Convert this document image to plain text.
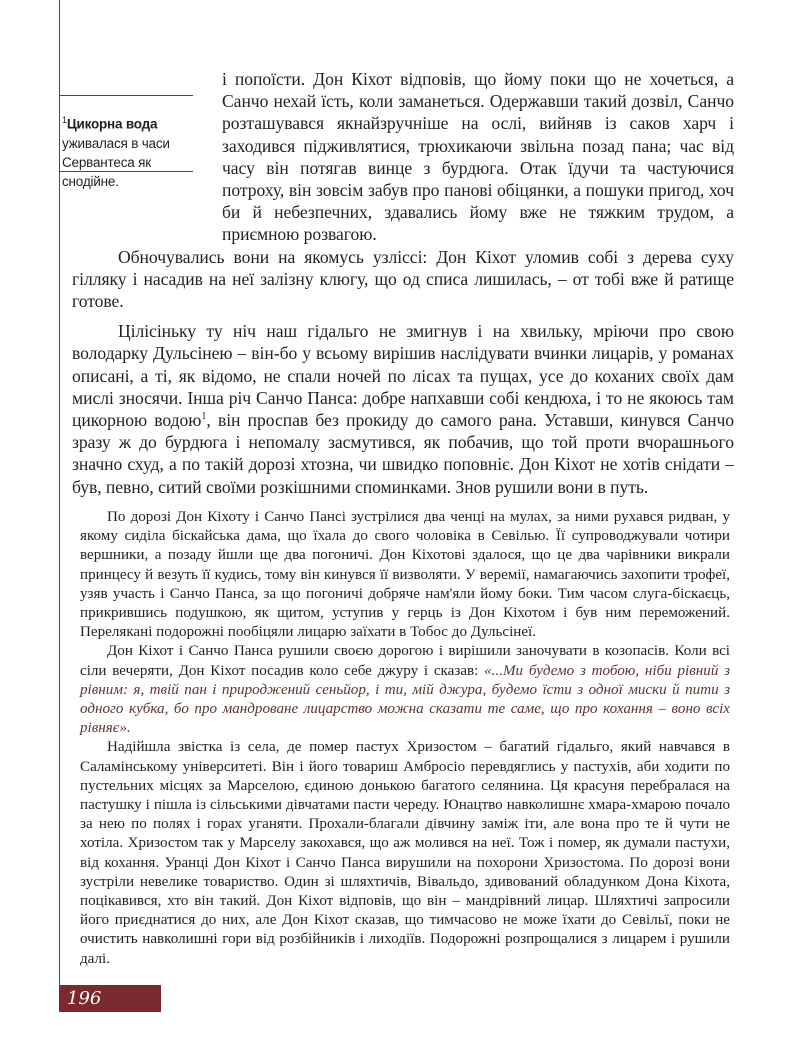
$^1$Цикорна вода уживалася в часи Сервантеса як снодійне.

і попоїсти. Дон Кіхот відповів, що йому поки що не хочеться, а Санчо нехай їсть, коли заманеться. Одержавши такий дозвіл, Санчо розташувався якнайзручніше на ослі, вийняв із саков харч і заходився підживлятися, трюхикаючи звільна позад пана; час від часу він потягав винце з бурдюга. Отак їдучи та частуючися потроху, він зовсім забув про панові обіцянки, а пошуки пригод, хоч би й небезпечних, здавались йому вже не тяжким трудом, а приємною розвагою.

Обночувались вони на якомусь узліссі: Дон Кіхот уломив собі з дерева суху гілляку і насадив на неї залізну клюгу, що од списа лишилась, – от тобі вже й ратище готове.

Цілісіньку ту ніч наш гідальго не змигнув і на хвильку, мріючи про свою володарку Дульсінею – він-бо у всьому вирішив наслідувати вчинки лицарів, у романах описані, а ті, як відомо, не спали ночей по лісах та пущах, усе до коханих своїх дам мислі зносячи. Інша річ Санчо Панса: добре напхавши собі кендюха, і то не якоюсь там цикорною водою$^1$, він проспав без прокиду до самого рана. Уставши, кинувся Санчо зразу ж до бурдюга і непомалу засмутився, як побачив, що той проти вчорашнього значно схуд, а по такій дорозі хтозна, чи швидко поповніє. Дон Кіхот не хотів снідати – був, певно, ситий своїми розкішними споминками. Знов рушили вони в путь.

По дорозі Дон Кіхоту і Санчо Пансі зустрілися два ченці на мулах, за ними рухався ридван, у якому сиділа біскайська дама, що їхала до свого чоловіка в Севілью. Її супроводжували чотири вершники, а позаду йшли ще два погоничі. Дон Кіхотові здалося, що це два чарівники викрали принцесу й везуть її кудись, тому він кинувся її визволяти. У веремії, намагаючись захопити трофеї, узяв участь і Санчо Панса, за що погоничі добряче нам'яли йому боки. Тим часом слуга-біскаєць, прикрившись подушкою, як щитом, уступив у герць із Дон Кіхотом і був ним переможений. Перелякані подорожні пообіцяли лицарю заїхати в Тобос до Дульсінеї.

Дон Кіхот і Санчо Панса рушили своєю дорогою і вирішили заночувати в козопасів. Коли всі сіли вечеряти, Дон Кіхот посадив коло себе джуру і сказав: «...Ми будемо з тобою, ніби рівний з рівним: я, твій пан і природжений сеньйор, і ти, мій джура, будемо їсти з одної миски й пити з одного кубка, бо про мандроване лицарство можна сказати те саме, що про кохання – воно всіх рівняє».

Надійшла звістка із села, де помер пастух Хризостом – багатий гідальго, який навчався в Саламінському університеті. Він і його товариш Амбросіо перевдяглись у пастухів, аби ходити по пустельних місцях за Марселою, єдиною донькою багатого селянина. Ця красуня перебралася на пастушку і пішла із сільськими дівчатами пасти череду. Юнацтво навколишнє хмара-хмарою почало за нею по полях і горах уганяти. Прохали-благали дівчину заміж іти, але вона про те й чути не хотіла. Хризостом так у Марселу закохався, що аж молився на неї. Тож і помер, як думали пастухи, від кохання. Уранці Дон Кіхот і Санчо Панса вирушили на похорони Хризостома. По дорозі вони зустріли невелике товариство. Один зі шляхтичів, Вівальдо, здивований обладунком Дона Кіхота, поцікавився, хто він такий. Дон Кіхот відповів, що він – мандрівний лицар. Шляхтичі запросили його приєднатися до них, але Дон Кіхот сказав, що тимчасово не може їхати до Севільї, поки не очистить навколишні гори від розбійників і лиходіїв. Подорожні розпрощалися з лицарем і рушили далі.

196
